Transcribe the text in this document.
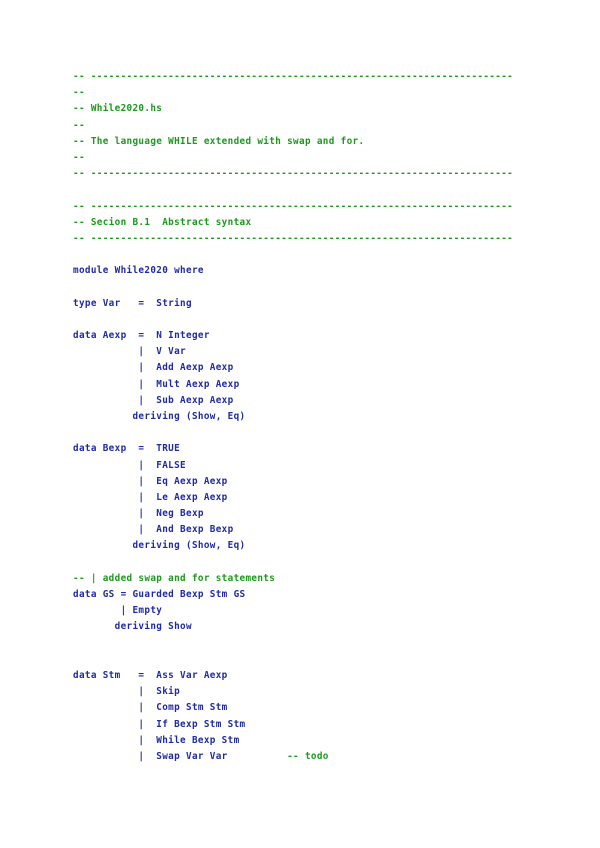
-- -----------------------------------------------------------------------
--
-- While2020.hs
--
-- The language WHILE extended with swap and for.
--
-- -----------------------------------------------------------------------
-- -----------------------------------------------------------------------
-- Secion B.1  Abstract syntax
-- -----------------------------------------------------------------------
module While2020 where
type Var   =  String
data Aexp  =  N Integer
|  V Var
|  Add Aexp Aexp
|  Mult Aexp Aexp
|  Sub Aexp Aexp
deriving (Show, Eq)
data Bexp  =  TRUE
|  FALSE
|  Eq Aexp Aexp
|  Le Aexp Aexp
|  Neg Bexp
|  And Bexp Bexp
deriving (Show, Eq)
-- | added swap and for statements
data GS = Guarded Bexp Stm GS
| Empty
deriving Show
data Stm   =  Ass Var Aexp
|  Skip
|  Comp Stm Stm
|  If Bexp Stm Stm
|  While Bexp Stm
|  Swap Var Var          -- todo
